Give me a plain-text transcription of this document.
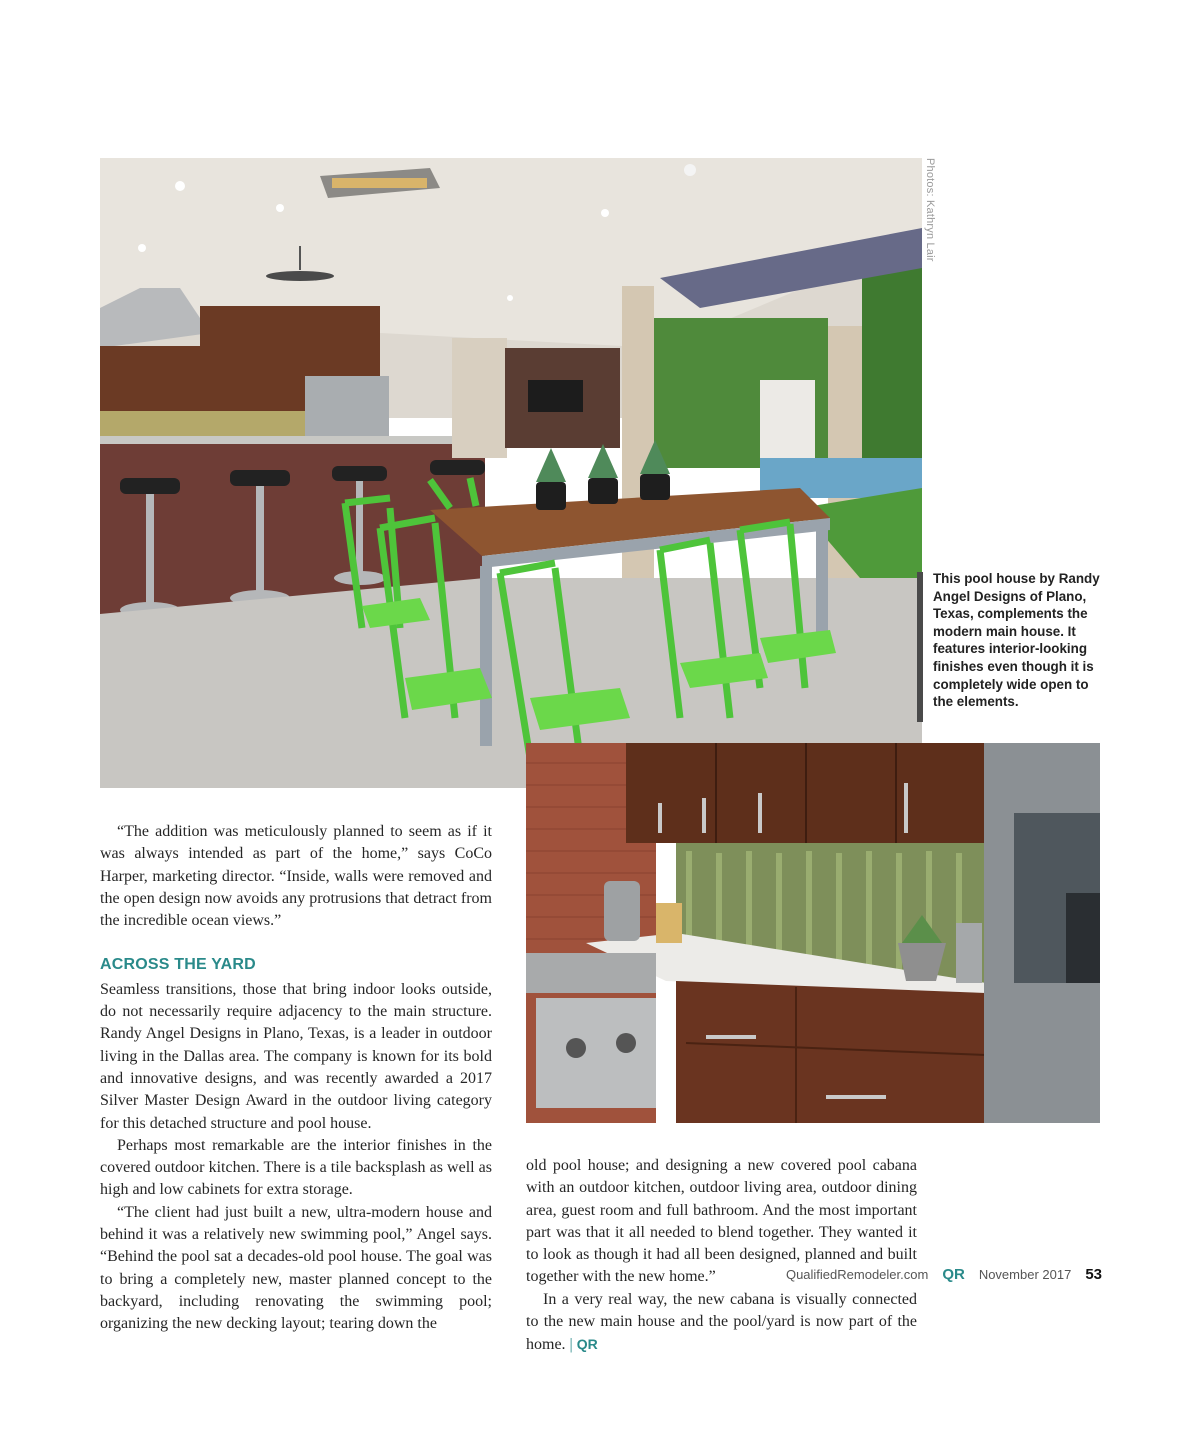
Photos: Kathryn Lair
This pool house by Randy Angel Designs of Plano, Texas, complements the modern main house. It features interior-looking finishes even though it is completely wide open to the elements.

“The addition was meticulously planned to seem as if it was always intended as part of the home,” says CoCo Harper, marketing director. “Inside, walls were removed and the open design now avoids any protrusions that detract from the incredible ocean views.”

ACROSS THE YARD

Seamless transitions, those that bring indoor looks outside, do not necessarily require adjacency to the main structure. Randy Angel Designs in Plano, Texas, is a leader in outdoor living in the Dallas area. The company is known for its bold and innovative designs, and was recently awarded a 2017 Silver Master Design Award in the outdoor living category for this detached structure and pool house.

Perhaps most remarkable are the interior finishes in the covered outdoor kitchen. There is a tile backsplash as well as high and low cabinets for extra storage.

“The client had just built a new, ultra-modern house and behind it was a relatively new swimming pool,” Angel says. “Behind the pool sat a decades-old pool house. The goal was to bring a completely new, master planned concept to the backyard, including renovating the swimming pool; organizing the new decking layout; tearing down the

old pool house; and designing a new covered pool cabana with an outdoor kitchen, outdoor living area, outdoor dining area, guest room and full bathroom. And the most important part was that it all needed to blend together. They wanted it to look as though it had all been designed, planned and built together with the new home.”

In a very real way, the new cabana is visually connected to the new main house and the pool/yard is now part of the home. | QR

QualifiedRemodeler.com QR November 2017 53
